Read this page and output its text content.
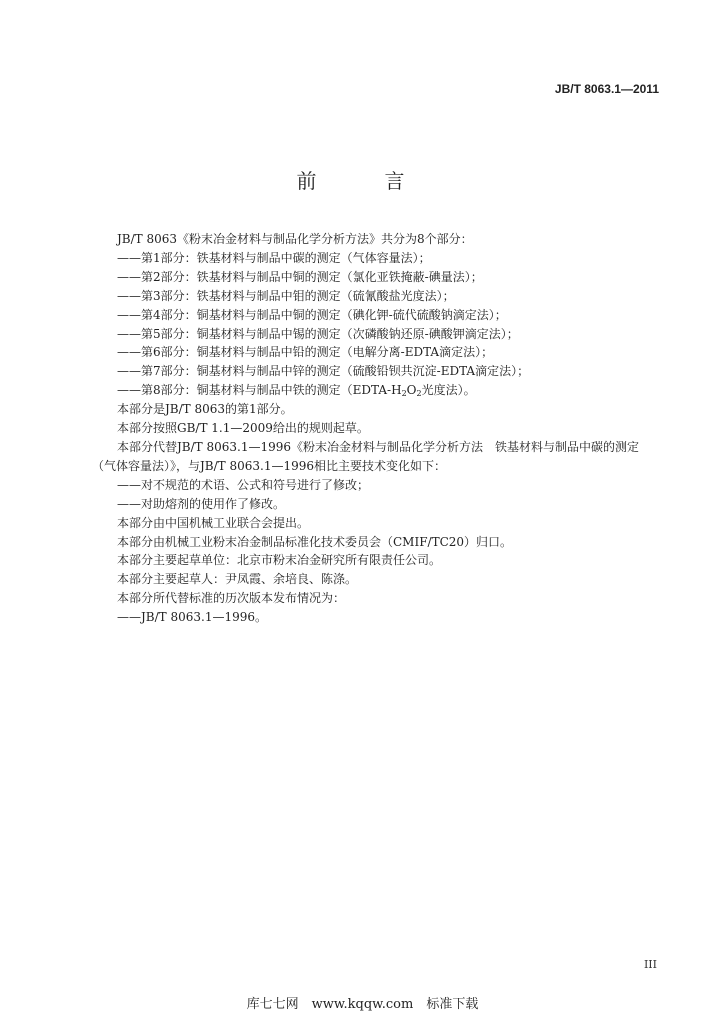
JB/T 8063.1—2011
前　言
JB/T 8063《粉末冶金材料与制品化学分析方法》共分为8个部分：
——第1部分：铁基材料与制品中碳的测定（气体容量法）；
——第2部分：铁基材料与制品中铜的测定（氯化亚铁掩蔽-碘量法）；
——第3部分：铁基材料与制品中钼的测定（硫氰酸盐光度法）；
——第4部分：铜基材料与制品中铜的测定（碘化钾-硫代硫酸钠滴定法）；
——第5部分：铜基材料与制品中锡的测定（次磷酸钠还原-碘酸钾滴定法）；
——第6部分：铜基材料与制品中铅的测定（电解分离-EDTA滴定法）；
——第7部分：铜基材料与制品中锌的测定（硫酸铅钡共沉淀-EDTA滴定法）；
——第8部分：铜基材料与制品中铁的测定（$EDTA-H_2O_2$光度法）。
本部分是JB/T 8063的第1部分。
本部分按照GB/T 1.1—2009给出的规则起草。
本部分代替JB/T 8063.1—1996《粉末冶金材料与制品化学分析方法　铁基材料与制品中碳的测定
（气体容量法）》，与JB/T 8063.1—1996相比主要技术变化如下：
——对不规范的术语、公式和符号进行了修改；
——对助熔剂的使用作了修改。
本部分由中国机械工业联合会提出。
本部分由机械工业粉末冶金制品标准化技术委员会（CMIF/TC20）归口。
本部分主要起草单位：北京市粉末冶金研究所有限责任公司。
本部分主要起草人：尹凤霞、余培良、陈涤。
本部分所代替标准的历次版本发布情况为：
——JB/T 8063.1—1996。
III
库七七网　www.kqqw.com　标准下载
